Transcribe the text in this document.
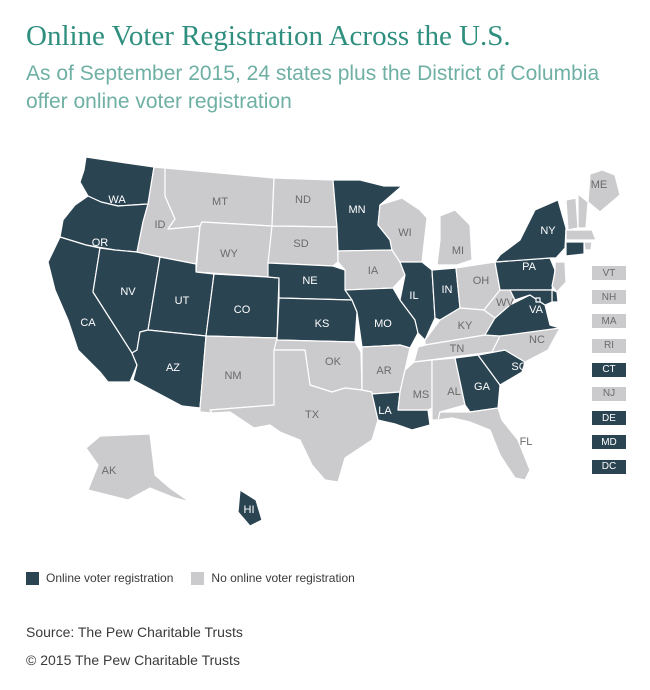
Online Voter Registration Across the U.S.
As of September 2015, 24 states plus the District of Columbia offer online voter registration
WA
OR
CA
NV
ID
MT
WY
UT
AZ
CO
NM
ND
SD
NE
KS
OK
TX
MN
IA
MO
AR
LA
WI
IL
MI
IN
OH
KY
TN
MS AL GA
FL
SC
NC
VA
WV
PA
NY
ME
AK
HI
VT
NH
MA
RI
CT
NJ
DE
MD
DC
Online voter registration	No online voter registration
Source: The Pew Charitable Trusts
© 2015 The Pew Charitable Trusts
